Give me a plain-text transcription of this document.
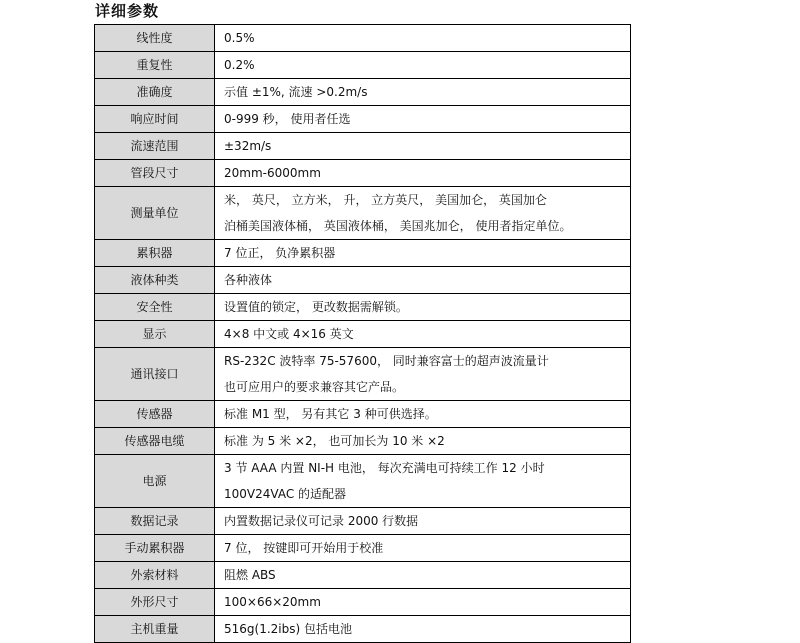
详细参数
线性度	0.5%

重复性	0.2%

准确度	示值 ±1%, 流速 >0.2m/s

响应时间	0-999 秒， 使用者任选

流速范围	±32m/s

管段尺寸	20mm-6000mm

测量单位	米， 英尺， 立方米， 升， 立方英尺， 美国加仑， 英国加仑
泊桶美国液体桶， 英国液体桶， 美国兆加仑， 使用者指定单位。

累积器	7 位正， 负净累积器

液体种类	各种液体

安全性	设置值的锁定， 更改数据需解锁。

显示	4×8 中文或 4×16 英文

通讯接口	RS-232C 波特率 75-57600， 同时兼容富士的超声波流量计
也可应用户的要求兼容其它产品。

传感器	标准 M1 型， 另有其它 3 种可供选择。

传感器电缆	标准 为 5 米 ×2， 也可加长为 10 米 ×2

电源	3 节 AAA 内置 NI-H 电池， 每次充满电可持续工作 12 小时
100V24VAC 的适配器

数据记录	内置数据记录仪可记录 2000 行数据

手动累积器	7 位， 按键即可开始用于校准

外索材料	阻燃 ABS

外形尺寸	100×66×20mm

主机重量	516g(1.2ibs) 包括电池
